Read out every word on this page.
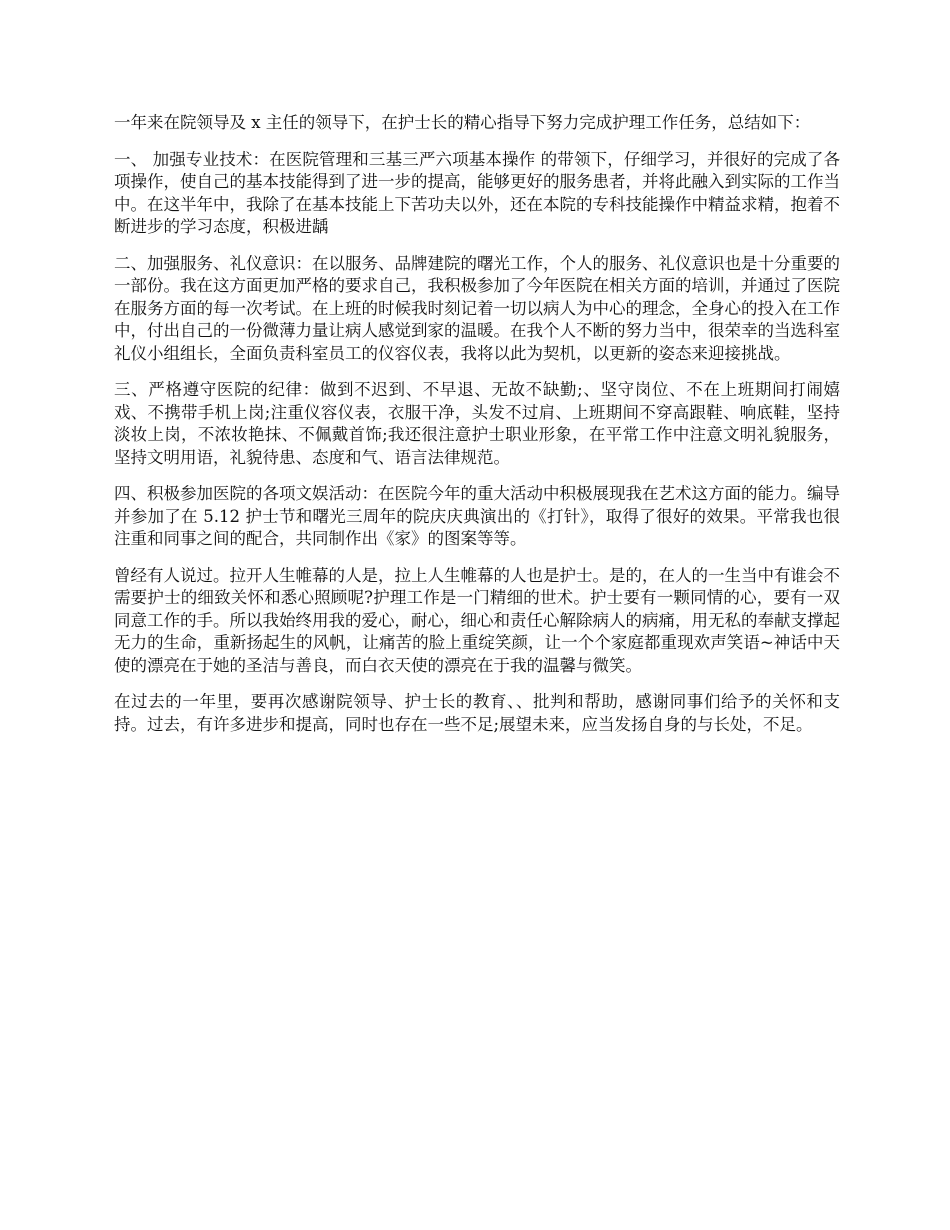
一年来在院领导及 x 主任的领导下，在护士长的精心指导下努力完成护理工作任务，总结如下：

一、 加强专业技术：在医院管理和三基三严六项基本操作 的带领下，仔细学习，并很好的完成了各项操作，使自己的基本技能得到了进一步的提高，能够更好的服务患者，并将此融入到实际的工作当中。在这半年中，我除了在基本技能上下苦功夫以外，还在本院的专科技能操作中精益求精，抱着不断进步的学习态度，积极进龋

二、加强服务、礼仪意识：在以服务、品牌建院的曙光工作，个人的服务、礼仪意识也是十分重要的一部份。我在这方面更加严格的要求自己，我积极参加了今年医院在相关方面的培训，并通过了医院在服务方面的每一次考试。在上班的时候我时刻记着一切以病人为中心的理念，全身心的投入在工作中，付出自己的一份微薄力量让病人感觉到家的温暖。在我个人不断的努力当中，很荣幸的当选科室礼仪小组组长，全面负责科室员工的仪容仪表，我将以此为契机，以更新的姿态来迎接挑战。

三、严格遵守医院的纪律：做到不迟到、不早退、无故不缺勤;、坚守岗位、不在上班期间打闹嬉戏、不携带手机上岗;注重仪容仪表，衣服干净，头发不过肩、上班期间不穿高跟鞋、响底鞋，坚持淡妆上岗，不浓妆艳抹、不佩戴首饰;我还很注意护士职业形象，在平常工作中注意文明礼貌服务，坚持文明用语，礼貌待患、态度和气、语言法律规范。

四、积极参加医院的各项文娱活动：在医院今年的重大活动中积极展现我在艺术这方面的能力。编导并参加了在 5.12 护士节和曙光三周年的院庆庆典演出的《打针》，取得了很好的效果。平常我也很注重和同事之间的配合，共同制作出《家》的图案等等。

曾经有人说过。拉开人生帷幕的人是，拉上人生帷幕的人也是护士。是的，在人的一生当中有谁会不需要护士的细致关怀和悉心照顾呢?护理工作是一门精细的世术。护士要有一颗同情的心，要有一双同意工作的手。所以我始终用我的爱心，耐心，细心和责任心解除病人的病痛，用无私的奉献支撑起无力的生命，重新扬起生的风帆，让痛苦的脸上重绽笑颜，让一个个家庭都重现欢声笑语~神话中天使的漂亮在于她的圣洁与善良，而白衣天使的漂亮在于我的温馨与微笑。

在过去的一年里，要再次感谢院领导、护士长的教育、、批判和帮助，感谢同事们给予的关怀和支持。过去，有许多进步和提高，同时也存在一些不足;展望未来，应当发扬自身的与长处，不足。
